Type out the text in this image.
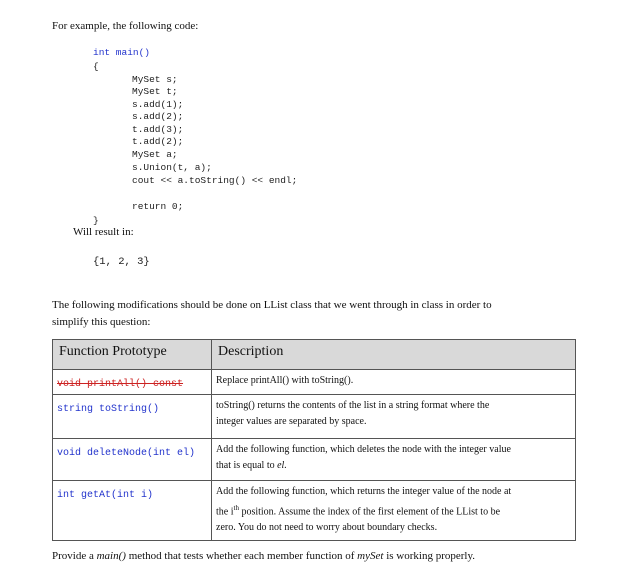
For example, the following code:
int main()
{
MySet s;
MySet t;
s.add(1);
s.add(2);
t.add(3);
t.add(2);
MySet a;
s.Union(t, a);
cout << a.toString() << endl;
return 0;
}
Will result in:
{1, 2, 3}
The following modifications should be done on LList class that we went through in class in order to
simplify this question:
Function Prototype	Description
void printAll() const	Replace printAll() with toString().
string toString()	toString() returns the contents of the list in a string format where the
integer values are separated by space.

void deleteNode(int el)	Add the following function, which deletes the node with the integer value
that is equal to el.

int getAt(int i)	Add the following function, which returns the integer value of the node at
the $i^{th}$ position. Assume the index of the first element of the LList to be
zero. You do not need to worry about boundary checks.
Provide a main() method that tests whether each member function of mySet is working properly.
